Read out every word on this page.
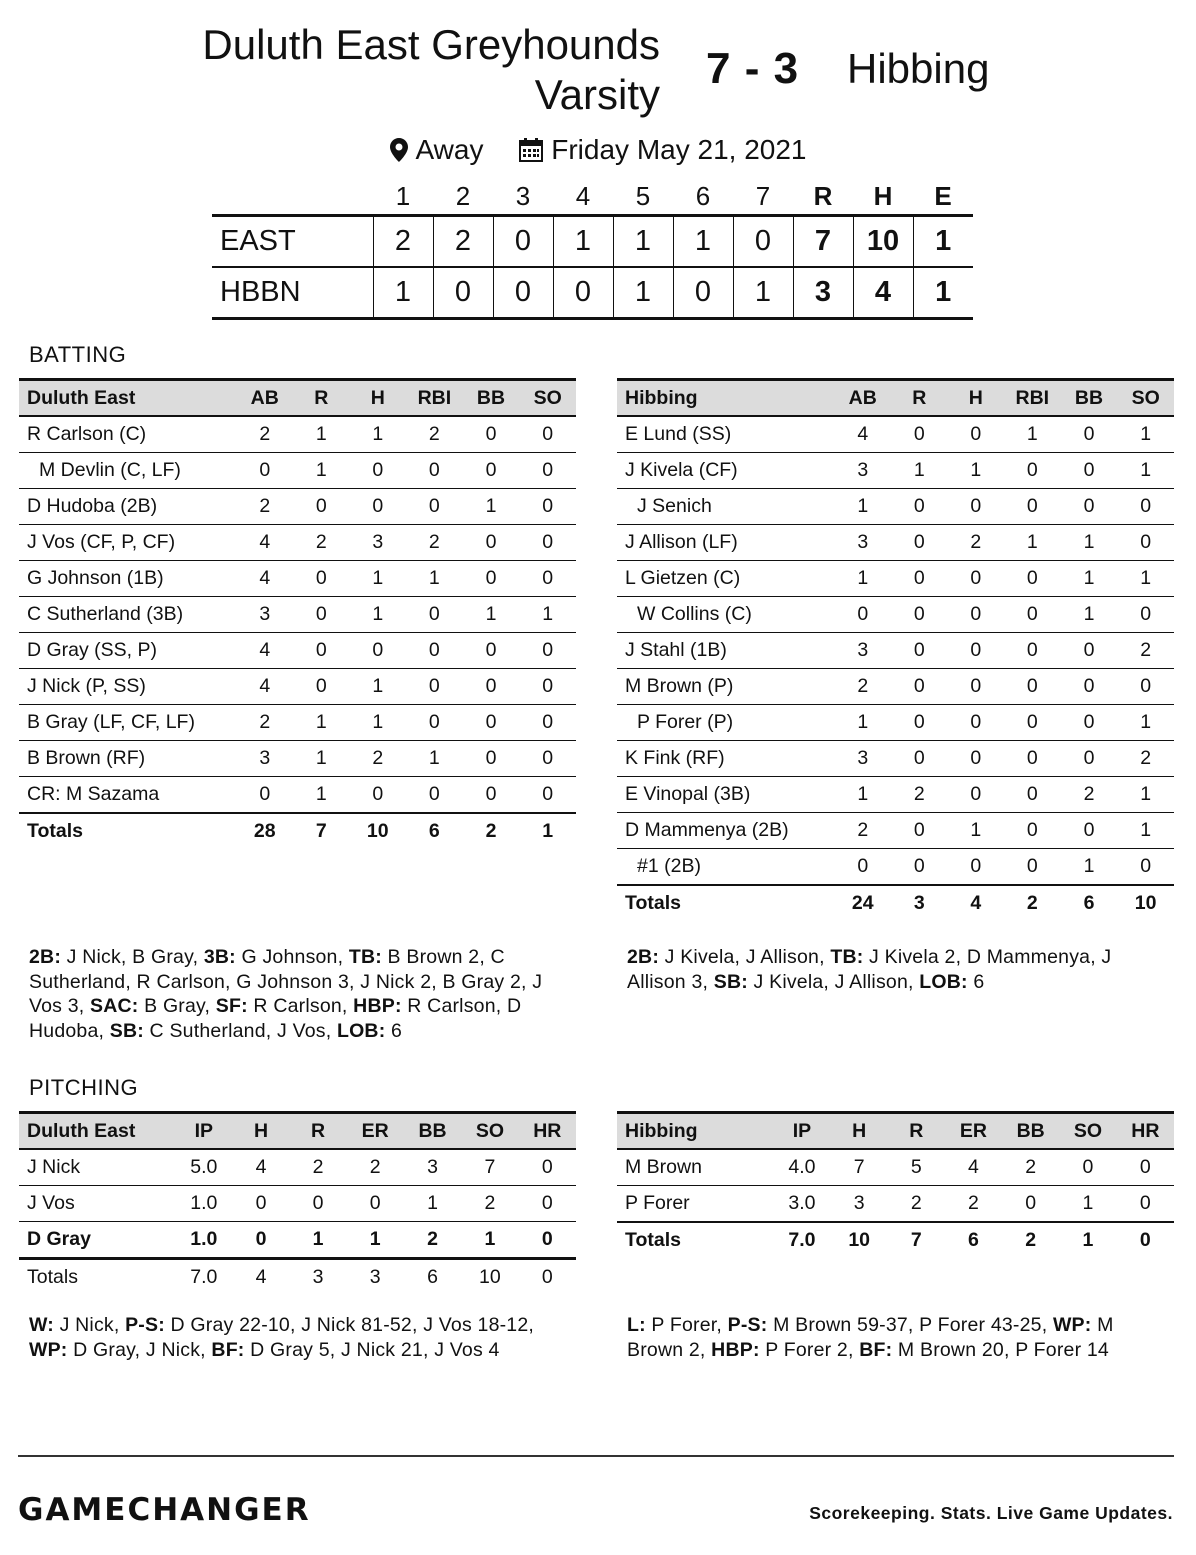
Duluth East Greyhounds
Varsity
7 - 3 Hibbing
Away Friday May 21, 2021
	1	2	3	4	5	6	7	R	H	E
EAST	2	2	0	1	1	1	0	7	10	1
HBBN	1	0	0	0	1	0	1	3	4	1
BATTING
Duluth East	AB	R	H	RBI	BB	SO
R Carlson (C)	2	1	1	2	0	0
M Devlin (C, LF)	0	1	0	0	0	0
D Hudoba (2B)	2	0	0	0	1	0
J Vos (CF, P, CF)	4	2	3	2	0	0
G Johnson (1B)	4	0	1	1	0	0
C Sutherland (3B)	3	0	1	0	1	1
D Gray (SS, P)	4	0	0	0	0	0
J Nick (P, SS)	4	0	1	0	0	0
B Gray (LF, CF, LF)	2	1	1	0	0	0
B Brown (RF)	3	1	2	1	0	0
CR: M Sazama	0	1	0	0	0	0
Totals	28	7	10	6	2	1
Hibbing	AB	R	H	RBI	BB	SO
E Lund (SS)	4	0	0	1	0	1
J Kivela (CF)	3	1	1	0	0	1
J Senich	1	0	0	0	0	0
J Allison (LF)	3	0	2	1	1	0
L Gietzen (C)	1	0	0	0	1	1
W Collins (C)	0	0	0	0	1	0
J Stahl (1B)	3	0	0	0	0	2
M Brown (P)	2	0	0	0	0	0
P Forer (P)	1	0	0	0	0	1
K Fink (RF)	3	0	0	0	0	2
E Vinopal (3B)	1	2	0	0	2	1
D Mammenya (2B)	2	0	1	0	0	1
#1 (2B)	0	0	0	0	1	0
Totals	24	3	4	2	6	10
2B: J Nick, B Gray, 3B: G Johnson, TB: B Brown 2, C Sutherland, R Carlson, G Johnson 3, J Nick 2, B Gray 2, J Vos 3, SAC: B Gray, SF: R Carlson, HBP: R Carlson, D Hudoba, SB: C Sutherland, J Vos, LOB: 6
2B: J Kivela, J Allison, TB: J Kivela 2, D Mammenya, J Allison 3, SB: J Kivela, J Allison, LOB: 6
PITCHING
Duluth East	IP	H	R	ER	BB	SO	HR
J Nick	5.0	4	2	2	3	7	0
J Vos	1.0	0	0	0	1	2	0
D Gray	1.0	0	1	1	2	1	0
Totals	7.0	4	3	3	6	10	0
Hibbing	IP	H	R	ER	BB	SO	HR
M Brown	4.0	7	5	4	2	0	0
P Forer	3.0	3	2	2	0	1	0
Totals	7.0	10	7	6	2	1	0
W: J Nick, P-S: D Gray 22-10, J Nick 81-52, J Vos 18-12, WP: D Gray, J Nick, BF: D Gray 5, J Nick 21, J Vos 4
L: P Forer, P-S: M Brown 59-37, P Forer 43-25, WP: M Brown 2, HBP: P Forer 2, BF: M Brown 20, P Forer 14
GAMECHANGER	Scorekeeping. Stats. Live Game Updates.
